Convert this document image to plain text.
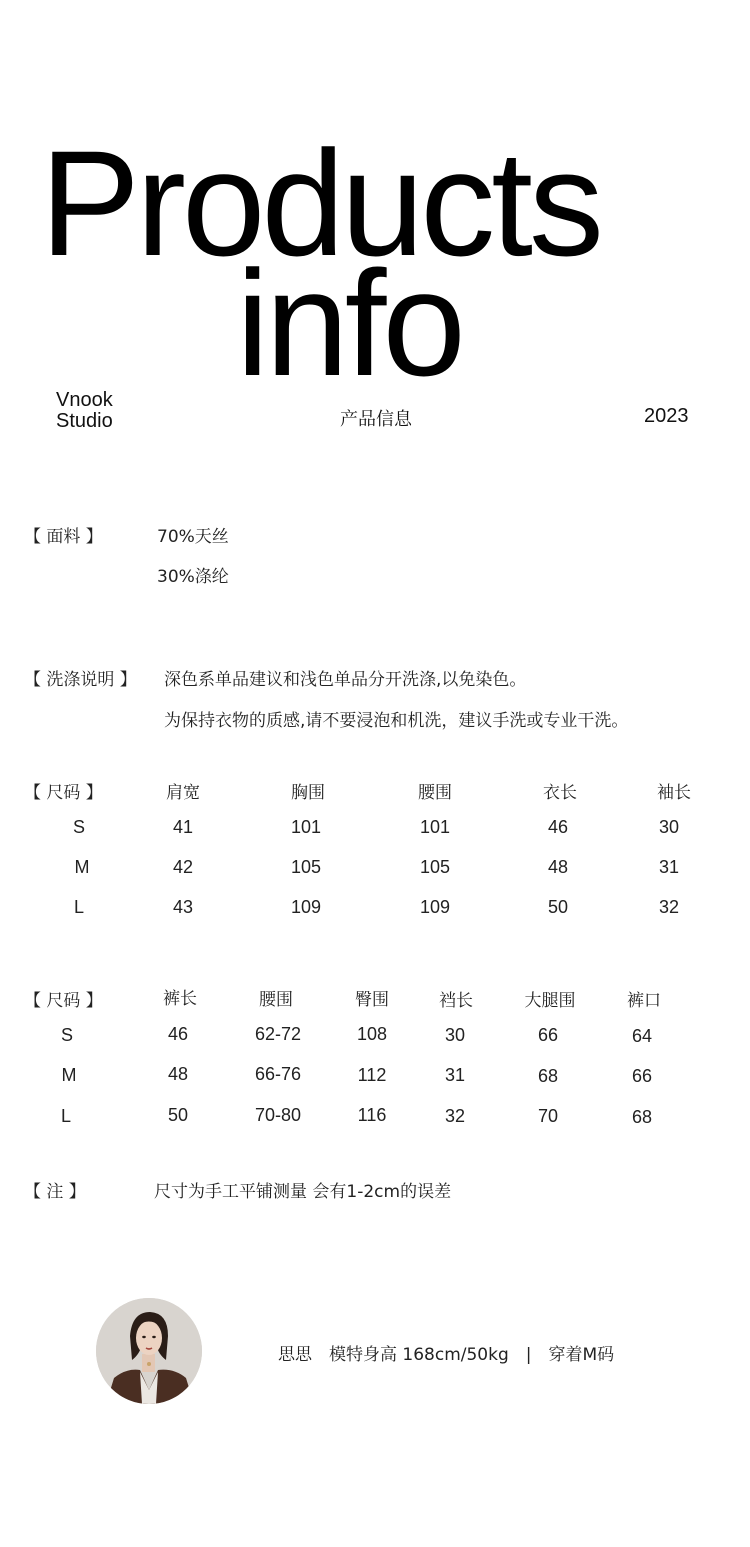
Products
info
Vnook
Studio	产品信息	2023
【 面料 】	70%天丝
30%涤纶
【 洗涤说明 】 深色系单品建议和浅色单品分开洗涤,以免染色。
为保持衣物的质感,请不要浸泡和机洗，建议手洗或专业干洗。
【 尺码 】	肩宽	胸围	腰围	衣长	袖长
S	41	101	101	46	30
M	42	105	105	48	31
L	43	109	109	50	32
【 尺码 】	裤长	腰围	臀围	裆长	大腿围	裤口
S	46	62-72	108	30	66	64
M	48	66-76	112	31	68	66
L	50	70-80	116	32	70	68
【 注 】	尺寸为手工平铺测量 会有1-2cm的误差
思思　模特身高 168cm/50kg　|　穿着M码
